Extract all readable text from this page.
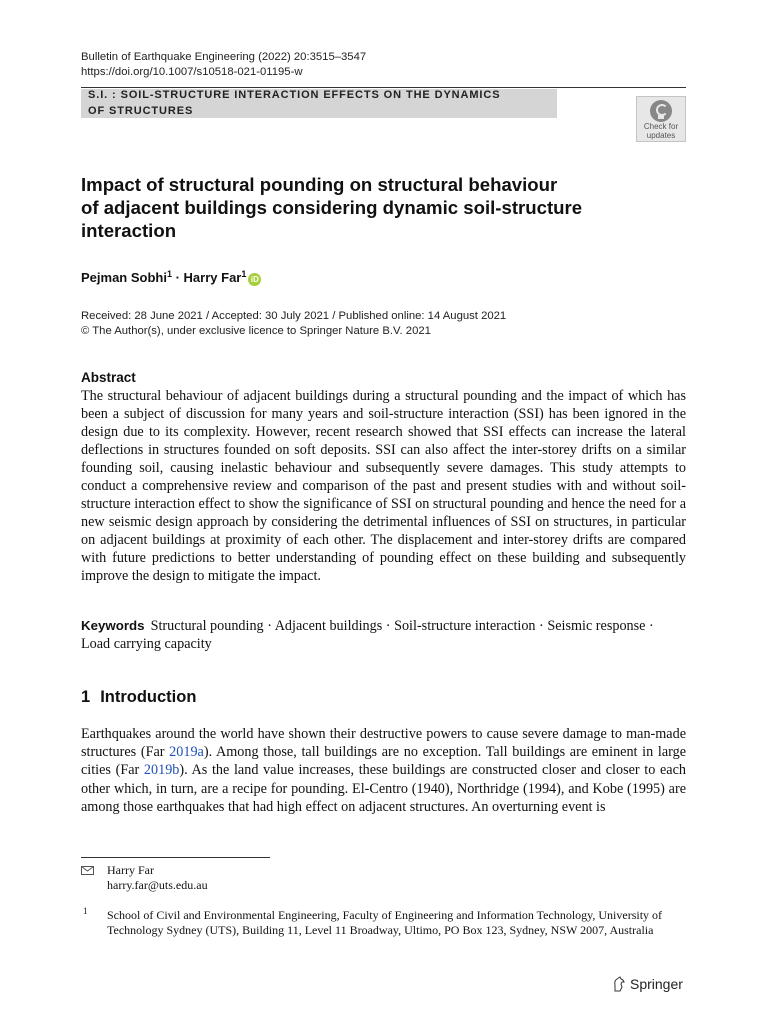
Bulletin of Earthquake Engineering (2022) 20:3515–3547
https://doi.org/10.1007/s10518-021-01195-w
S.I. : SOIL-STRUCTURE INTERACTION EFFECTS ON THE DYNAMICS
OF STRUCTURES
Check for
updates
Impact of structural pounding on structural behaviour
of adjacent buildings considering dynamic soil-structure
interaction
Pejman Sobhi$^1$ · Harry Far$^1$iD
Received: 28 June 2021 / Accepted: 30 July 2021 / Published online: 14 August 2021
© The Author(s), under exclusive licence to Springer Nature B.V. 2021
Abstract
The structural behaviour of adjacent buildings during a structural pounding and the impact of which has been a subject of discussion for many years and soil-structure interaction (SSI) has been ignored in the design due to its complexity. However, recent research showed that SSI effects can increase the lateral deflections in structures founded on soft deposits. SSI can also affect the inter-storey drifts on a similar founding soil, causing inelastic behaviour and subsequently severe damages. This study attempts to conduct a comprehensive review and comparison of the past and present studies with and without soil-structure interaction effect to show the significance of SSI on structural pounding and hence the need for a new seismic design approach by considering the detrimental influences of SSI on structures, in particular on adjacent buildings at proximity of each other. The displacement and inter-storey drifts are compared with future predictions to better understanding of pounding effect on these building and subsequently improve the design to mitigate the impact.
Keywords Structural pounding · Adjacent buildings · Soil-structure interaction · Seismic response · Load carrying capacity
1 Introduction
Earthquakes around the world have shown their destructive powers to cause severe damage to man-made structures (Far 2019a). Among those, tall buildings are no exception. Tall buildings are eminent in large cities (Far 2019b). As the land value increases, these buildings are constructed closer and closer to each other which, in turn, are a recipe for pounding. El-Centro (1940), Northridge (1994), and Kobe (1995) are among those earthquakes that had high effect on adjacent structures. An overturning event is
Harry Far
harry.far@uts.edu.au
1 School of Civil and Environmental Engineering, Faculty of Engineering and Information Technology, University of Technology Sydney (UTS), Building 11, Level 11 Broadway, Ultimo, PO Box 123, Sydney, NSW 2007, Australia
Springer
